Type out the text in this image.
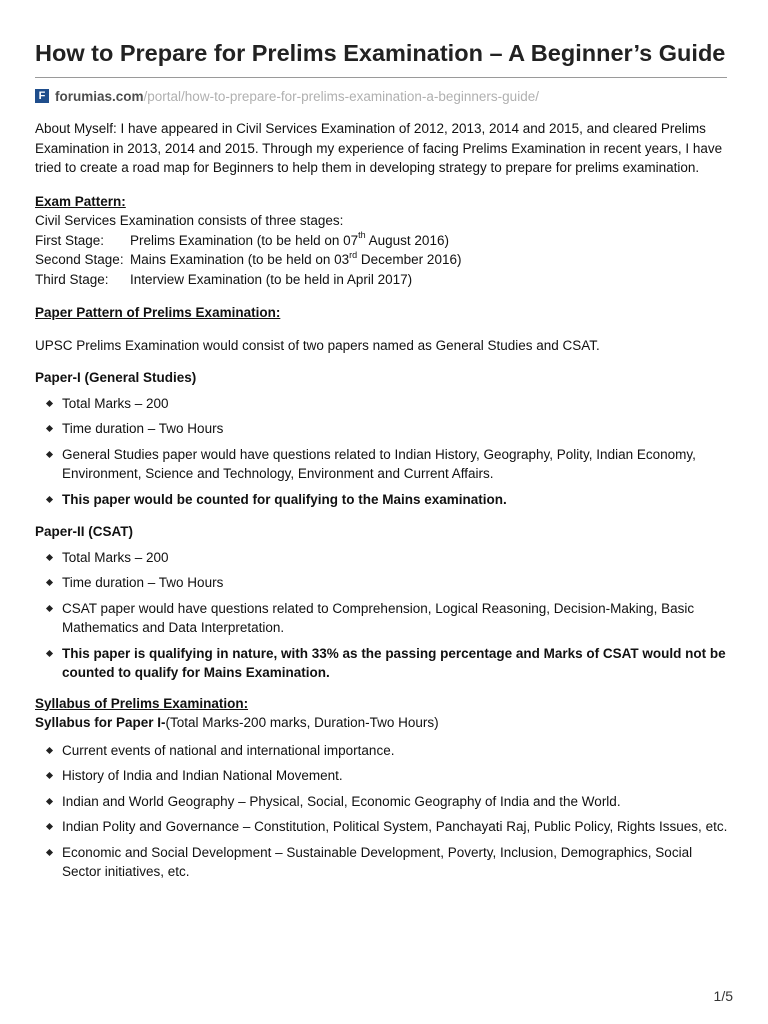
How to Prepare for Prelims Examination – A Beginner’s Guide
F forumias.com /portal/how-to-prepare-for-prelims-examination-a-beginners-guide/

About Myself: I have appeared in Civil Services Examination of 2012, 2013, 2014 and 2015, and cleared Prelims Examination in 2013, 2014 and 2015. Through my experience of facing Prelims Examination in recent years, I have tried to create a road map for Beginners to help them in developing strategy to prepare for prelims examination.

Exam Pattern:

Civil Services Examination consists of three stages:
First Stage: Prelims Examination (to be held on 07th August 2016)
Second Stage: Mains Examination (to be held on 03rd December 2016)
Third Stage: Interview Examination (to be held in April 2017)

Paper Pattern of Prelims Examination:

UPSC Prelims Examination would consist of two papers named as General Studies and CSAT.

Paper-I (General Studies)

Total Marks – 200
Time duration – Two Hours
General Studies paper would have questions related to Indian History, Geography, Polity, Indian Economy, Environment, Science and Technology, Environment and Current Affairs.
This paper would be counted for qualifying to the Mains examination.

Paper-II (CSAT)

Total Marks – 200
Time duration – Two Hours
CSAT paper would have questions related to Comprehension, Logical Reasoning, Decision-Making, Basic Mathematics and Data Interpretation.
This paper is qualifying in nature, with 33% as the passing percentage and Marks of CSAT would not be counted to qualify for Mains Examination.

Syllabus of Prelims Examination:

Syllabus for Paper I-(Total Marks-200 marks, Duration-Two Hours)

Current events of national and international importance.
History of India and Indian National Movement.
Indian and World Geography – Physical, Social, Economic Geography of India and the World.
Indian Polity and Governance – Constitution, Political System, Panchayati Raj, Public Policy, Rights Issues, etc.
Economic and Social Development – Sustainable Development, Poverty, Inclusion, Demographics, Social Sector initiatives, etc.
1/5
